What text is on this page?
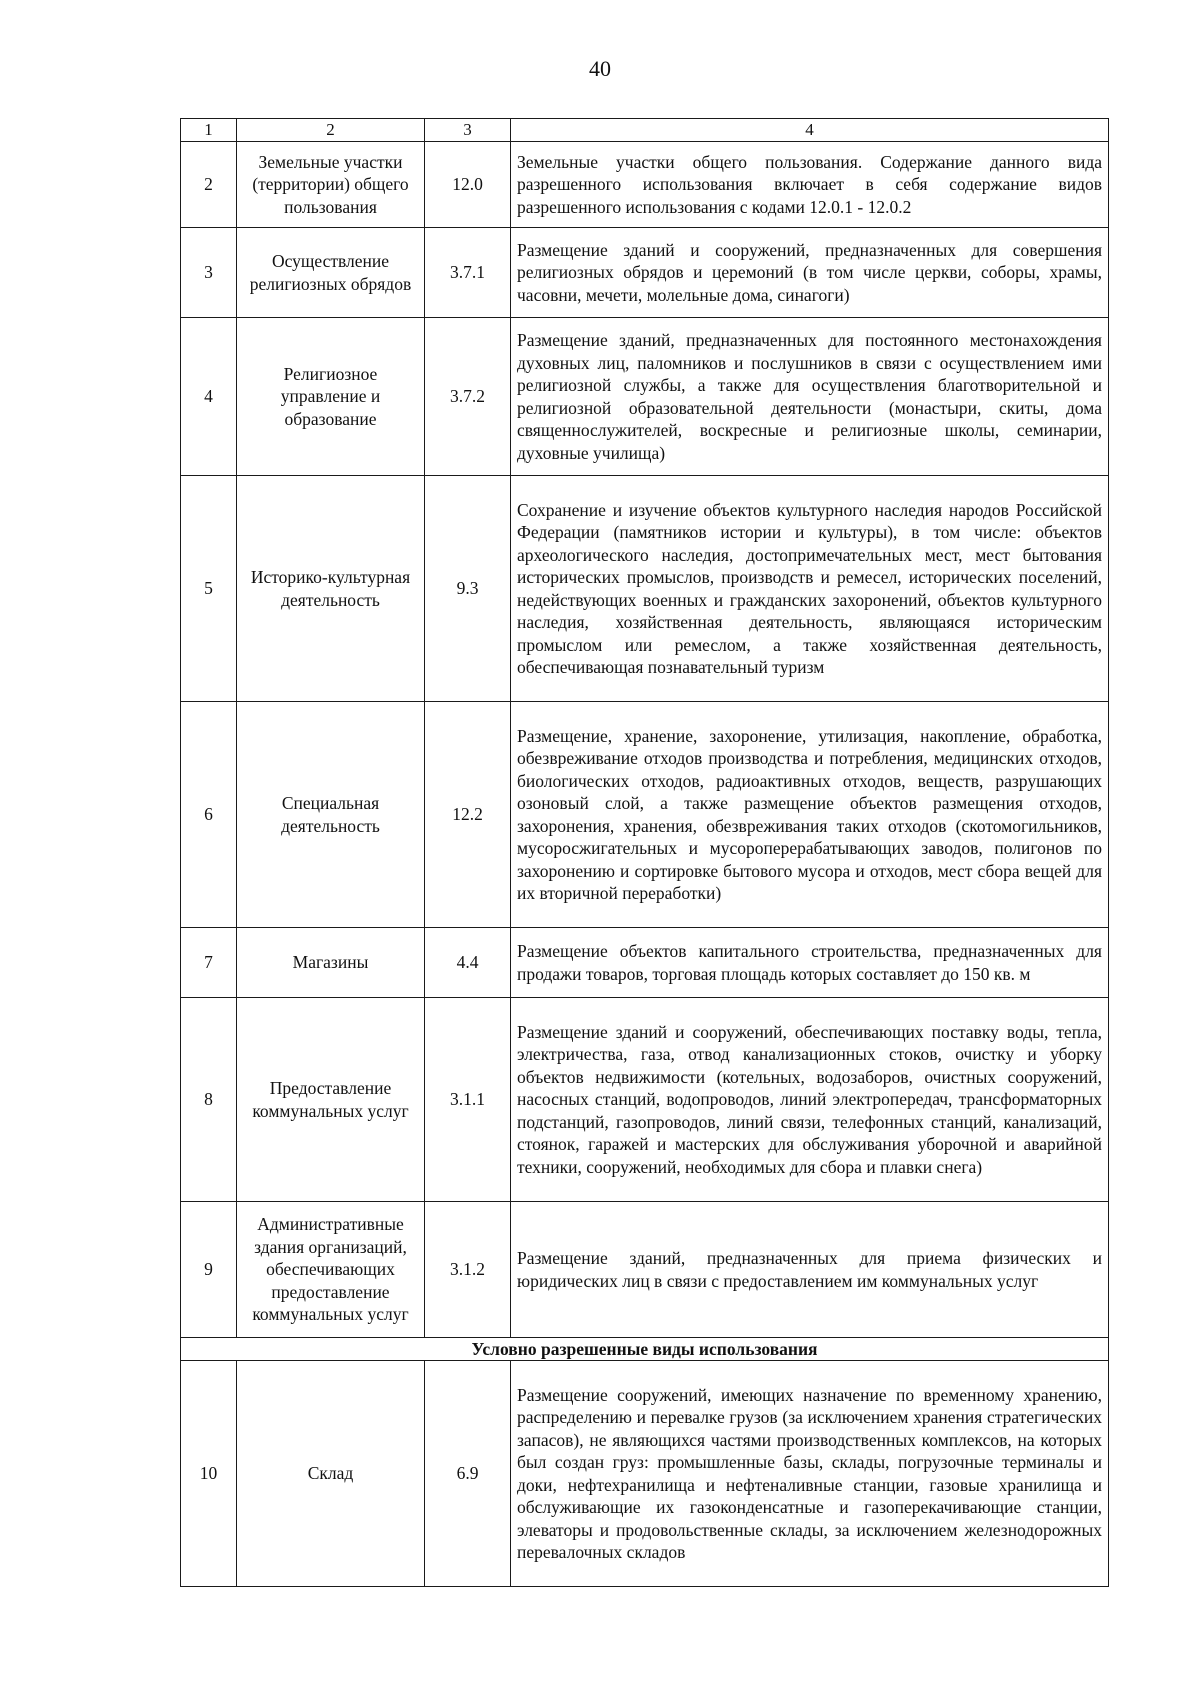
40
1	2	3	4
2	Земельные участки (территории) общего пользования	12.0	Земельные участки общего пользования. Содержание данного вида разрешенного использования включает в себя содержание видов разрешенного использования с кодами 12.0.1 - 12.0.2
3	Осуществление религиозных обрядов	3.7.1	Размещение зданий и сооружений, предназначенных для совершения религиозных обрядов и церемоний (в том числе церкви, соборы, храмы, часовни, мечети, молельные дома, синагоги)
4	Религиозное управление и образование	3.7.2	Размещение зданий, предназначенных для постоянного местонахождения духовных лиц, паломников и послушников в связи с осуществлением ими религиозной службы, а также для осуществления благотворительной и религиозной образовательной деятельности (монастыри, скиты, дома священнослужителей, воскресные и религиозные школы, семинарии, духовные училища)
5	Историко-культурная деятельность	9.3	Сохранение и изучение объектов культурного наследия народов Российской Федерации (памятников истории и культуры), в том числе: объектов археологического наследия, достопримечательных мест, мест бытования исторических промыслов, производств и ремесел, исторических поселений, недействующих военных и гражданских захоронений, объектов культурного наследия, хозяйственная деятельность, являющаяся историческим промыслом или ремеслом, а также хозяйственная деятельность, обеспечивающая познавательный туризм
6	Специальная деятельность	12.2	Размещение, хранение, захоронение, утилизация, накопление, обработка, обезвреживание отходов производства и потребления, медицинских отходов, биологических отходов, радиоактивных отходов, веществ, разрушающих озоновый слой, а также размещение объектов размещения отходов, захоронения, хранения, обезвреживания таких отходов (скотомогильников, мусоросжигательных и мусороперерабатывающих заводов, полигонов по захоронению и сортировке бытового мусора и отходов, мест сбора вещей для их вторичной переработки)
7	Магазины	4.4	Размещение объектов капитального строительства, предназначенных для продажи товаров, торговая площадь которых составляет до 150 кв. м
8	Предоставление коммунальных услуг	3.1.1	Размещение зданий и сооружений, обеспечивающих поставку воды, тепла, электричества, газа, отвод канализационных стоков, очистку и уборку объектов недвижимости (котельных, водозаборов, очистных сооружений, насосных станций, водопроводов, линий электропередач, трансформаторных подстанций, газопроводов, линий связи, телефонных станций, канализаций, стоянок, гаражей и мастерских для обслуживания уборочной и аварийной техники, сооружений, необходимых для сбора и плавки снега)
9	Административные здания организаций, обеспечивающих предоставление коммунальных услуг	3.1.2	Размещение зданий, предназначенных для приема физических и юридических лиц в связи с предоставлением им коммунальных услуг
Условно разрешенные виды использования			
10	Склад	6.9	Размещение сооружений, имеющих назначение по временному хранению, распределению и перевалке грузов (за исключением хранения стратегических запасов), не являющихся частями производственных комплексов, на которых был создан груз: промышленные базы, склады, погрузочные терминалы и доки, нефтехранилища и нефтеналивные станции, газовые хранилища и обслуживающие их газоконденсатные и газоперекачивающие станции, элеваторы и продовольственные склады, за исключением железнодорожных перевалочных складов
